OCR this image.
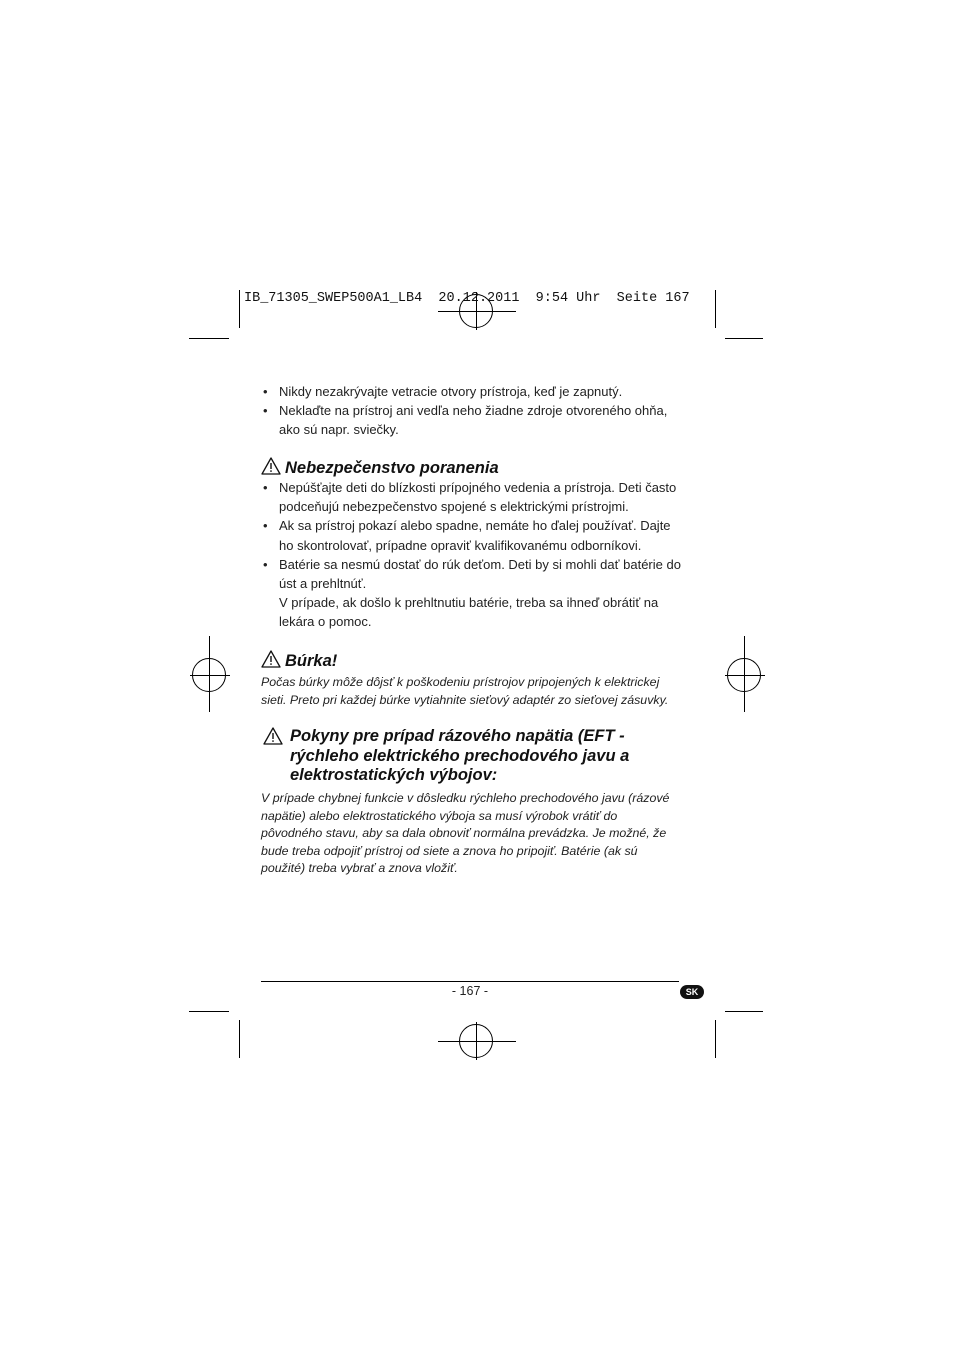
IB_71305_SWEP500A1_LB4  20.12.2011  9:54 Uhr  Seite 167
• Nikdy nezakrývajte vetracie otvory prístroja, keď je zapnutý.
• Neklaďte na prístroj ani vedľa neho žiadne zdroje otvoreného ohňa, ako sú napr. sviečky.
Nebezpečenstvo poranenia
• Nepúšťajte deti do blízkosti prípojného vedenia a prístroja. Deti často podceňujú nebezpečenstvo spojené s elektrickými prístrojmi.
• Ak sa prístroj pokazí alebo spadne, nemáte ho ďalej používať. Dajte ho skontrolovať, prípadne opraviť kvalifikovanému odborníkovi.
• Batérie sa nesmú dostať do rúk deťom. Deti by si mohli dať batérie do úst a prehltnúť.
V prípade, ak došlo k prehltnutiu batérie, treba sa ihneď obrátiť na lekára o pomoc.
Búrka!
Počas búrky môže dôjsť k poškodeniu prístrojov pripojených k elektrickej sieti. Preto pri každej búrke vytiahnite sieťový adaptér zo sieťovej zásuvky.
Pokyny pre prípad rázového napätia (EFT - rýchleho elektrického prechodového javu a elektrostatických výbojov:
V prípade chybnej funkcie v dôsledku rýchleho prechodového javu (rázové napätie) alebo elektrostatického výboja sa musí výrobok vrátiť do pôvodného stavu, aby sa dala obnoviť normálna prevádzka. Je možné, že bude treba odpojiť prístroj od siete a znova ho pripojiť. Batérie (ak sú použité) treba vybrať a znova vložiť.
- 167 -	SK
